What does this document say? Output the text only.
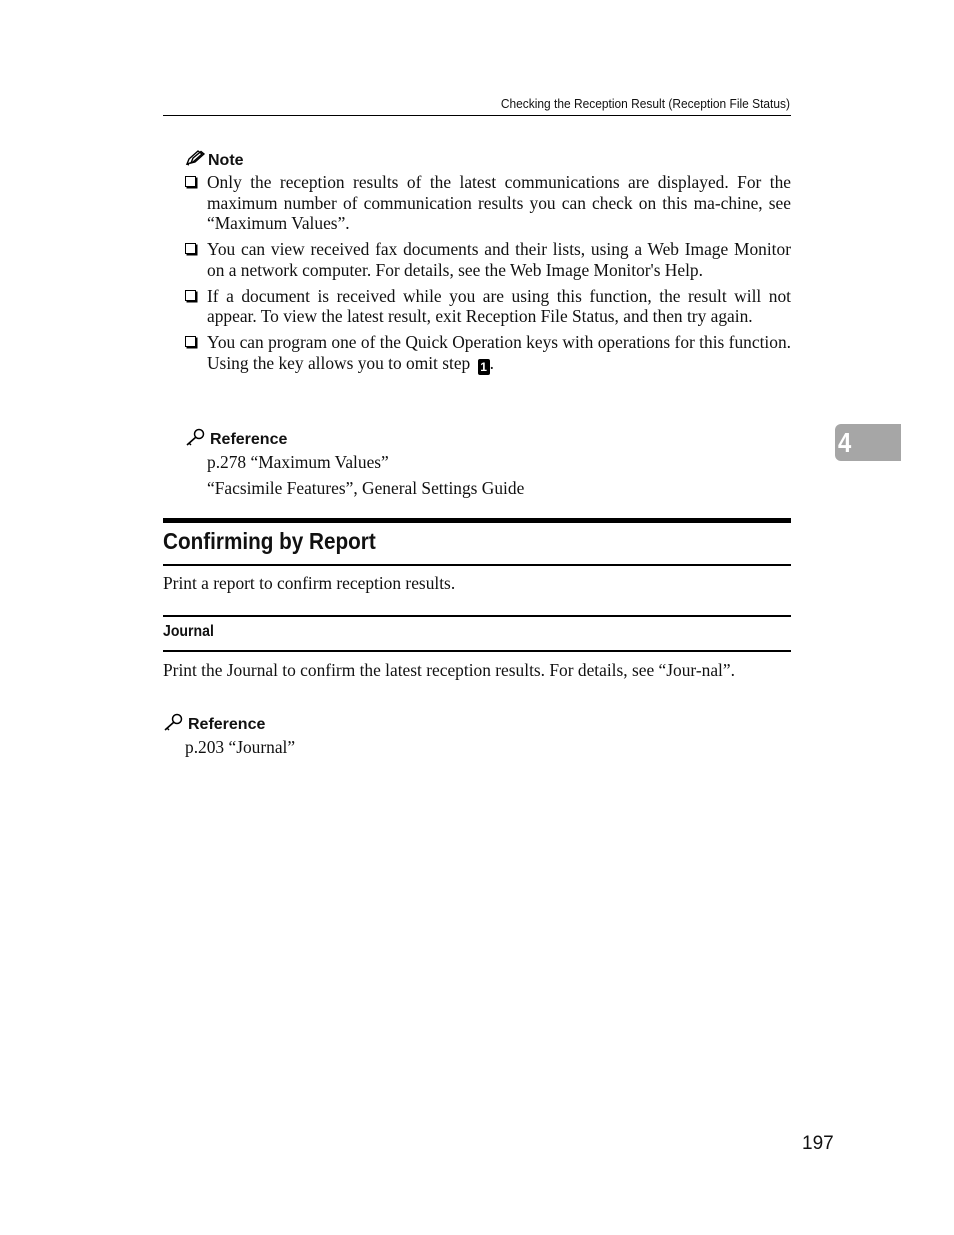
Checking the Reception Result (Reception File Status)
Note
Only the reception results of the latest communications are displayed. For the maximum number of communication results you can check on this ma-chine, see “Maximum Values”.
You can view received fax documents and their lists, using a Web Image Monitor on a network computer. For details, see the Web Image Monitor's Help.
If a document is received while you are using this function, the result will not appear. To view the latest result, exit Reception File Status, and then try again.
You can program one of the Quick Operation keys with operations for this function. Using the key allows you to omit step 1 .
Reference
p.278 “Maximum Values”
“Facsimile Features”, General Settings Guide
Confirming by Report
Print a report to confirm reception results.
Journal
Print the Journal to confirm the latest reception results. For details, see “Jour-nal”.
Reference
p.203 “Journal”
4
197
